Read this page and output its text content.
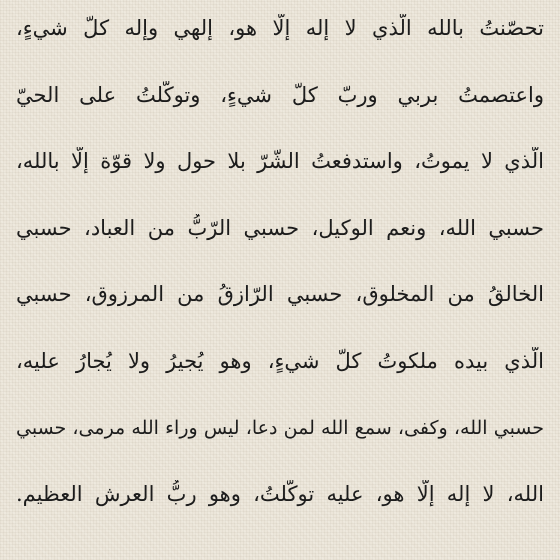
تحصّنتُ بالله الّذي لا إله إلّا هو، إلهي وإله كلّ شيءٍ،
واعتصمتُ بربي وربّ كلّ شيءٍ، وتوكّلتُ على الحيّ
الّذي لا يموتُ، واستدفعتُ الشّرّ بلا حول ولا قوّة إلّا بالله،
حسبي الله، ونعم الوكيل، حسبي الرّبُّ من العباد، حسبي
الخالقُ من المخلوق، حسبي الرّازقُ من المرزوق، حسبي
الّذي بيده ملكوتُ كلّ شيءٍ، وهو يُجيرُ ولا يُجارُ عليه،
حسبي الله، وكفى، سمع الله لمن دعا، ليس وراء الله مرمى، حسبي
الله، لا إله إلّا هو، عليه توكّلتُ، وهو ربُّ العرش العظيم.
